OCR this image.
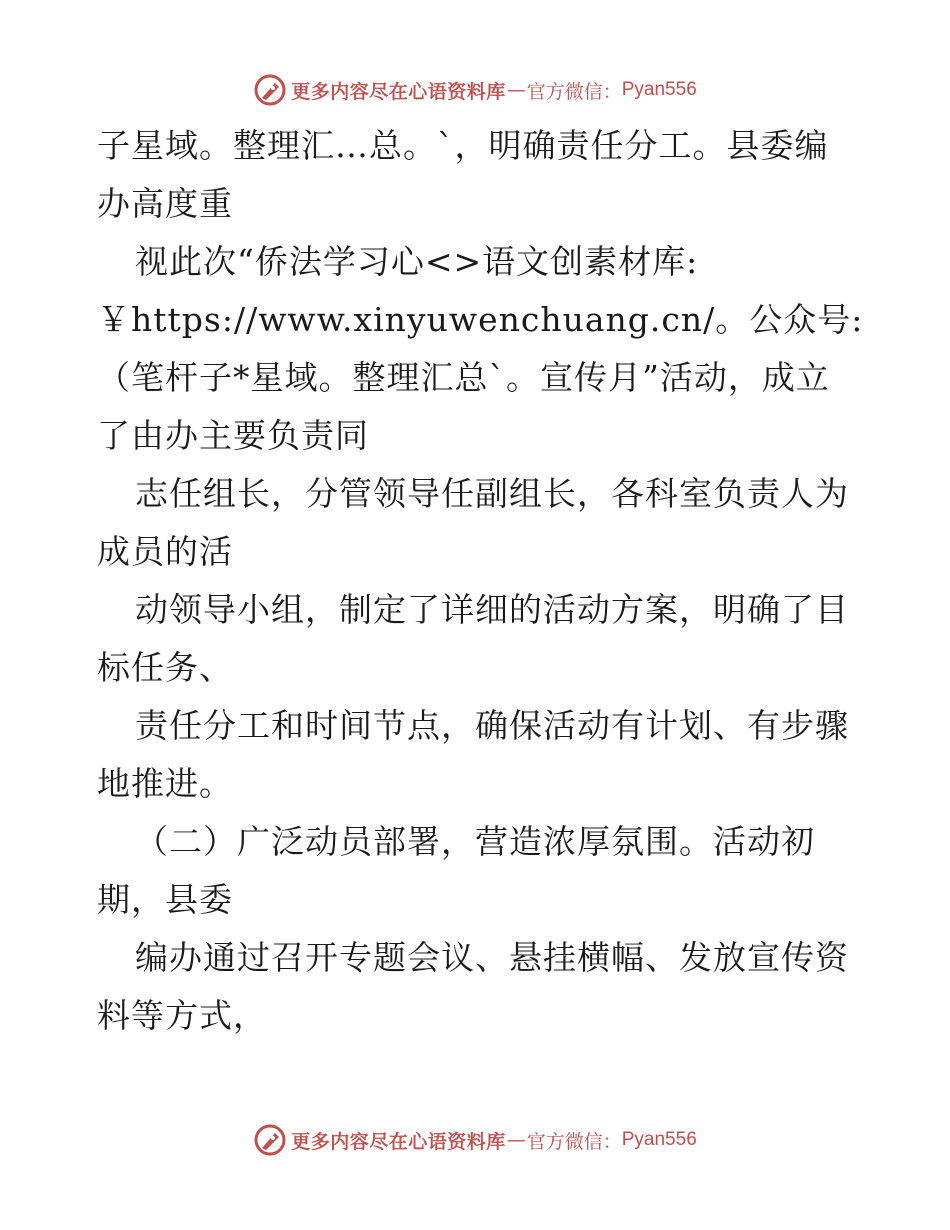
更多内容尽在心语资料库 — 官方微信： Pyan556
子星域。整理汇…总。`，明确责任分工。县委编
办高度重
视此次“侨法学习心<>语文创素材库:
￥https://www.xinyuwenchuang.cn/。公众号:
（笔杆子*星域。整理汇总`。宣传月”活动，成立
了由办主要负责同
志任组长，分管领导任副组长，各科室负责人为
成员的活
动领导小组，制定了详细的活动方案，明确了目
标任务、
责任分工和时间节点，确保活动有计划、有步骤
地推进。
（二）广泛动员部署，营造浓厚氛围。活动初
期，县委
编办通过召开专题会议、悬挂横幅、发放宣传资
料等方式，
更多内容尽在心语资料库 — 官方微信： Pyan556
